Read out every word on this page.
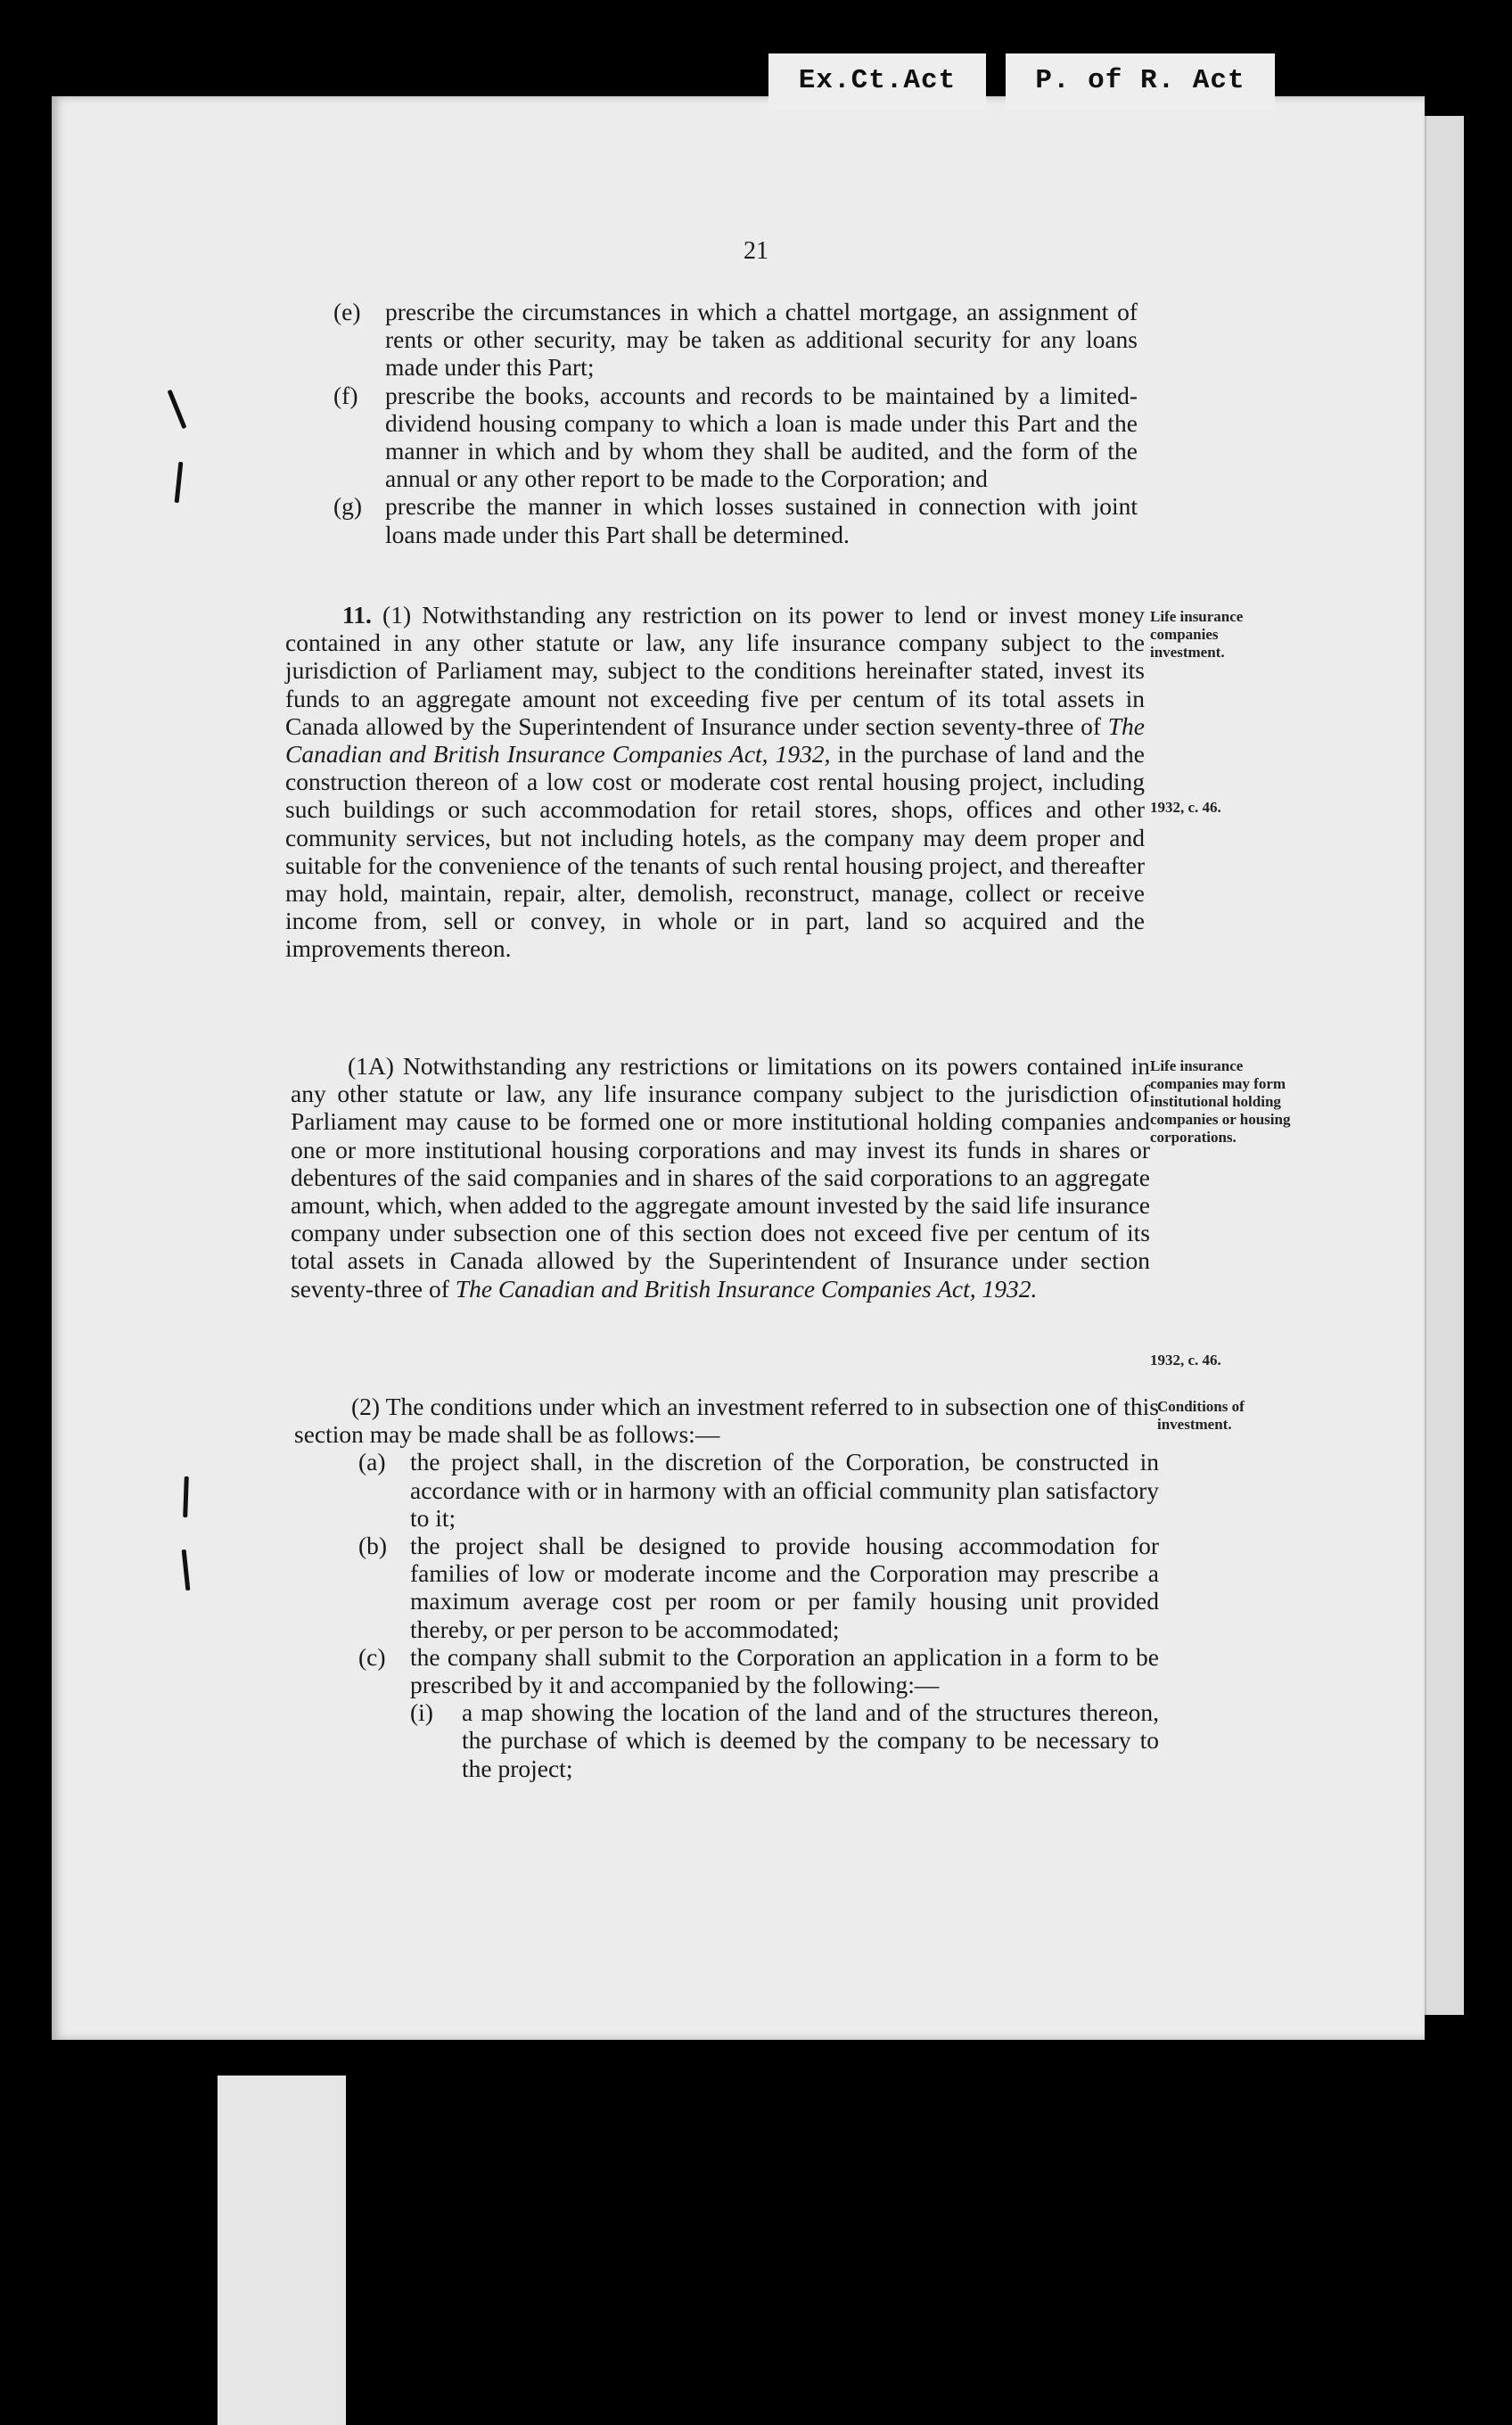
Ex.Ct.Act	P. of R. Act
21

(e) prescribe the circumstances in which a chattel mortgage, an assignment of rents or other security, may be taken as additional security for any loans made under this Part;

(f) prescribe the books, accounts and records to be maintained by a limited-dividend housing company to which a loan is made under this Part and the manner in which and by whom they shall be audited, and the form of the annual or any other report to be made to the Corporation; and

(g) prescribe the manner in which losses sustained in connection with joint loans made under this Part shall be determined.

11. (1) Notwithstanding any restriction on its power to lend or invest money contained in any other statute or law, any life insurance company subject to the jurisdiction of Parliament may, subject to the conditions hereinafter stated, invest its funds to an aggregate amount not exceeding five per centum of its total assets in Canada allowed by the Superintendent of Insurance under section seventy-three of The Canadian and British Insurance Companies Act, 1932, in the purchase of land and the construction thereon of a low cost or moderate cost rental housing project, including such buildings or such accommodation for retail stores, shops, offices and other community services, but not including hotels, as the company may deem proper and suitable for the convenience of the tenants of such rental housing project, and thereafter may hold, maintain, repair, alter, demolish, reconstruct, manage, collect or receive income from, sell or convey, in whole or in part, land so acquired and the improvements thereon.

(1A) Notwithstanding any restrictions or limitations on its powers contained in any other statute or law, any life insurance company subject to the jurisdiction of Parliament may cause to be formed one or more institutional holding companies and one or more institutional housing corporations and may invest its funds in shares or debentures of the said companies and in shares of the said corporations to an aggregate amount, which, when added to the aggregate amount invested by the said life insurance company under subsection one of this section does not exceed five per centum of its total assets in Canada allowed by the Superintendent of Insurance under section seventy-three of The Canadian and British Insurance Companies Act, 1932.

(2) The conditions under which an investment referred to in subsection one of this section may be made shall be as follows:—

(a) the project shall, in the discretion of the Corporation, be constructed in accordance with or in harmony with an official community plan satisfactory to it;

(b) the project shall be designed to provide housing accommodation for families of low or moderate income and the Corporation may prescribe a maximum average cost per room or per family housing unit provided thereby, or per person to be accommodated;

(c) the company shall submit to the Corporation an application in a form to be prescribed by it and accompanied by the following:—

(i) a map showing the location of the land and of the structures thereon, the purchase of which is deemed by the company to be necessary to the project;

Life insurance companies investment.
1932, c. 46.
Life insurance companies may form institutional holding companies or housing corporations.
1932, c. 46.
Conditions of investment.
